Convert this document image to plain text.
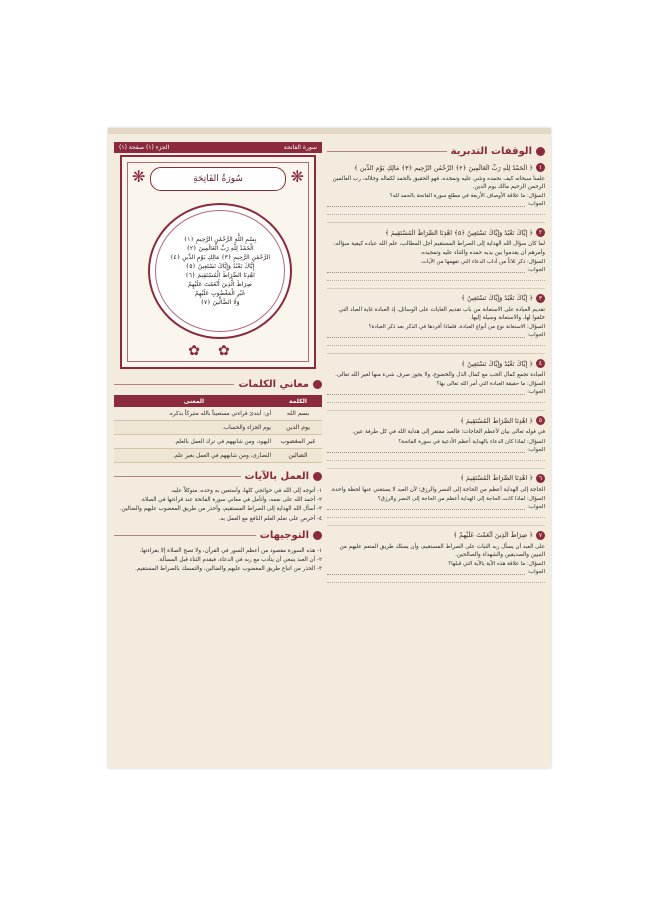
الوقفات التدبرية
١
﴿ الْحَمْدُ لِلَّهِ رَبِّ الْعَالَمِينَ ﴿٢﴾ الرَّحْمَٰنِ الرَّحِيمِ ﴿٣﴾ مَالِكِ يَوْمِ الدِّينِ ﴾
علمنا سبحانه كيف نحمده ونثني عليه ونمجده، فهو الحقيق بالحمد لكماله وجلاله، رب العالمين الرحمن الرحيم مالك يوم الدين.
السؤال: ما علاقة الأوصاف الأربعة في مطلع سورة الفاتحة بالحمد لله؟
الجواب:
٢
﴿ إِيَّاكَ نَعْبُدُ وَإِيَّاكَ نَسْتَعِينُ ﴿٥﴾ اهْدِنَا الصِّرَاطَ الْمُسْتَقِيمَ ﴾
لما كان سؤال الله الهداية إلى الصراط المستقيم أجل المطالب، علم الله عباده كيفية سؤاله، وأمرهم أن يقدموا بين يديه حمده والثناء عليه وتمجيده.
السؤال: ذكر ثلاثاً من آداب الدعاء التي تفهمها من الآيات.
الجواب:
٣
﴿ إِيَّاكَ نَعْبُدُ وَإِيَّاكَ نَسْتَعِينُ ﴾
تقديم العبادة على الاستعانة من باب تقديم الغايات على الوسائل، إذ العبادة غاية العباد التي خلقوا لها، والاستعانة وسيلة إليها.
السؤال: الاستعانة نوع من أنواع العبادة، فلماذا أفردها في الذكر بعد ذكر العبادة؟
الجواب:
٤
﴿ إِيَّاكَ نَعْبُدُ وَإِيَّاكَ نَسْتَعِينُ ﴾
العبادة تجمع كمال الحب مع كمال الذل والخضوع، ولا يجوز صرف شيء منها لغير الله تعالى.
السؤال: ما حقيقة العبادة التي أمر الله تعالى بها؟
الجواب:
٥
﴿ اهْدِنَا الصِّرَاطَ الْمُسْتَقِيمَ ﴾
في قوله تعالى بيان لأعظم الحاجات؛ فالعبد مفتقر إلى هداية الله في كل طرفة عين.
السؤال: لماذا كان الدعاء بالهداية أعظم الأدعية في سورة الفاتحة؟
الجواب:
٦
﴿ اهْدِنَا الصِّرَاطَ الْمُسْتَقِيمَ ﴾
الحاجة إلى الهداية أعظم من الحاجة إلى النصر والرزق؛ لأن العبد لا يستغني عنها لحظة واحدة.
السؤال: لماذا كانت الحاجة إلى الهداية أعظم من الحاجة إلى النصر والرزق؟
الجواب:
٧
﴿ صِرَاطَ الَّذِينَ أَنْعَمْتَ عَلَيْهِمْ ﴾
على العبد أن يسأل ربه الثبات على الصراط المستقيم، وأن يسلك طريق المنعم عليهم من النبيين والصديقين والشهداء والصالحين.
السؤال: ما علاقة هذه الآية بالآية التي قبلها؟
الجواب:
سورة الفاتحة
الجزء (١) صفحة (١)
❋	❋
سُورَةُ الفَاتِحَةِ
بِسْمِ اللَّهِ الرَّحْمَٰنِ الرَّحِيمِ ﴿١﴾
الْحَمْدُ لِلَّهِ رَبِّ الْعَالَمِينَ ﴿٢﴾
الرَّحْمَٰنِ الرَّحِيمِ ﴿٣﴾ مَالِكِ يَوْمِ الدِّينِ ﴿٤﴾
إِيَّاكَ نَعْبُدُ وَإِيَّاكَ نَسْتَعِينُ ﴿٥﴾
اهْدِنَا الصِّرَاطَ الْمُسْتَقِيمَ ﴿٦﴾
صِرَاطَ الَّذِينَ أَنْعَمْتَ عَلَيْهِمْ
غَيْرِ الْمَغْضُوبِ عَلَيْهِمْ
وَلَا الضَّالِّينَ ﴿٧﴾
✿✿
معاني الكلمات
الكلمة	المعنى
بسم الله	أي: أبتدئ قراءتي مستعيناً بالله متبركاً بذكره.
يوم الدين	يوم الجزاء والحساب.
غير المغضوب	اليهود، ومن شابههم في ترك العمل بالعلم.
الضالين	النصارى، ومن شابههم في العمل بغير علم.
العمل بالآيات
١- أتوجه إلى الله في حوائجي كلها، وأستعين به وحده، متوكلاً عليه.
٢- أحمد الله على نعمه، وأتأمل في معاني سورة الفاتحة عند قراءتها في الصلاة.
٣- أسأل الله الهداية إلى الصراط المستقيم، وأحذر من طريق المغضوب عليهم والضالين.
٤- أحرص على تعلم العلم النافع مع العمل به.
التوجيهات
١- هذه السورة مقصود من أعظم السور في القرآن، ولا تصح الصلاة إلا بقراءتها.
٢- أن العبد ينبغي أن يتأدب مع ربه في الدعاء، فيقدم الثناء قبل المسألة.
٣- الحذر من اتباع طريق المغضوب عليهم والضالين، والتمسك بالصراط المستقيم.
